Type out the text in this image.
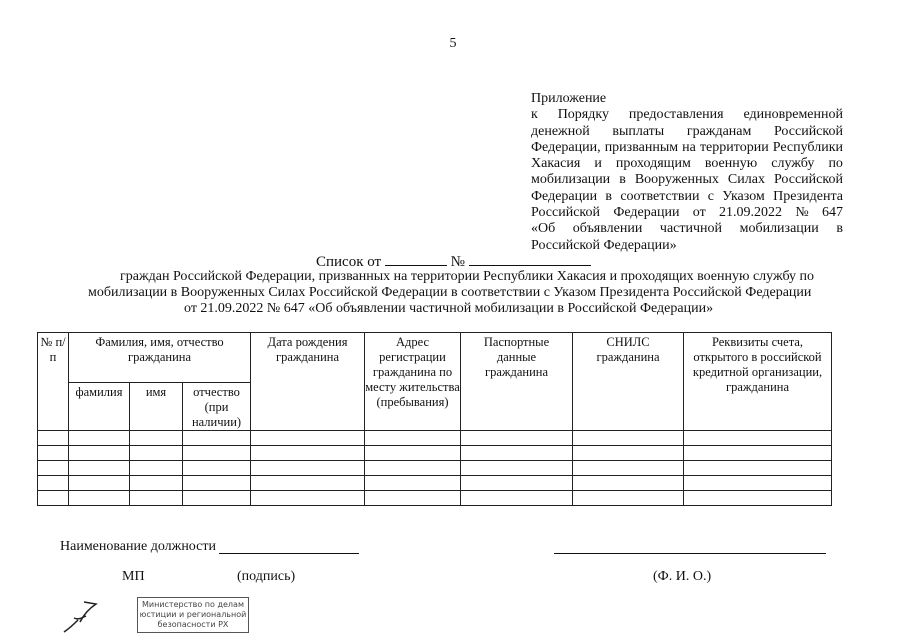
5
Приложение
к Порядку предоставления единовременной
денежной выплаты гражданам Российской
Федерации, призванным на территории Республики
Хакасия и проходящим военную службу по
мобилизации в Вооруженных Силах Российской
Федерации в соответствии с Указом Президента
Российской Федерации от 21.09.2022 № 647
«Об объявлении частичной мобилизации в
Российской Федерации»
Список от	№
граждан Российской Федерации, призванных на территории Республики Хакасия и проходящих военную службу по
мобилизации в Вооруженных Силах Российской Федерации в соответствии с Указом Президента Российской Федерации
от 21.09.2022 № 647 «Об объявлении частичной мобилизации в Российской Федерации»
№ п/п	Фамилия, имя, отчество гражданина			Дата рождения гражданина	Адрес регистрации гражданина по месту жительства (пребывания)	Паспортные данные гражданина	СНИЛС гражданина	Реквизиты счета, открытого в российской кредитной организации, гражданина
	фамилия	имя	отчество (при наличии)					

Наименование должности
МП	(подпись)	(Ф. И. О.)
Министерство по делам
юстиции и региональной
безопасности РХ
